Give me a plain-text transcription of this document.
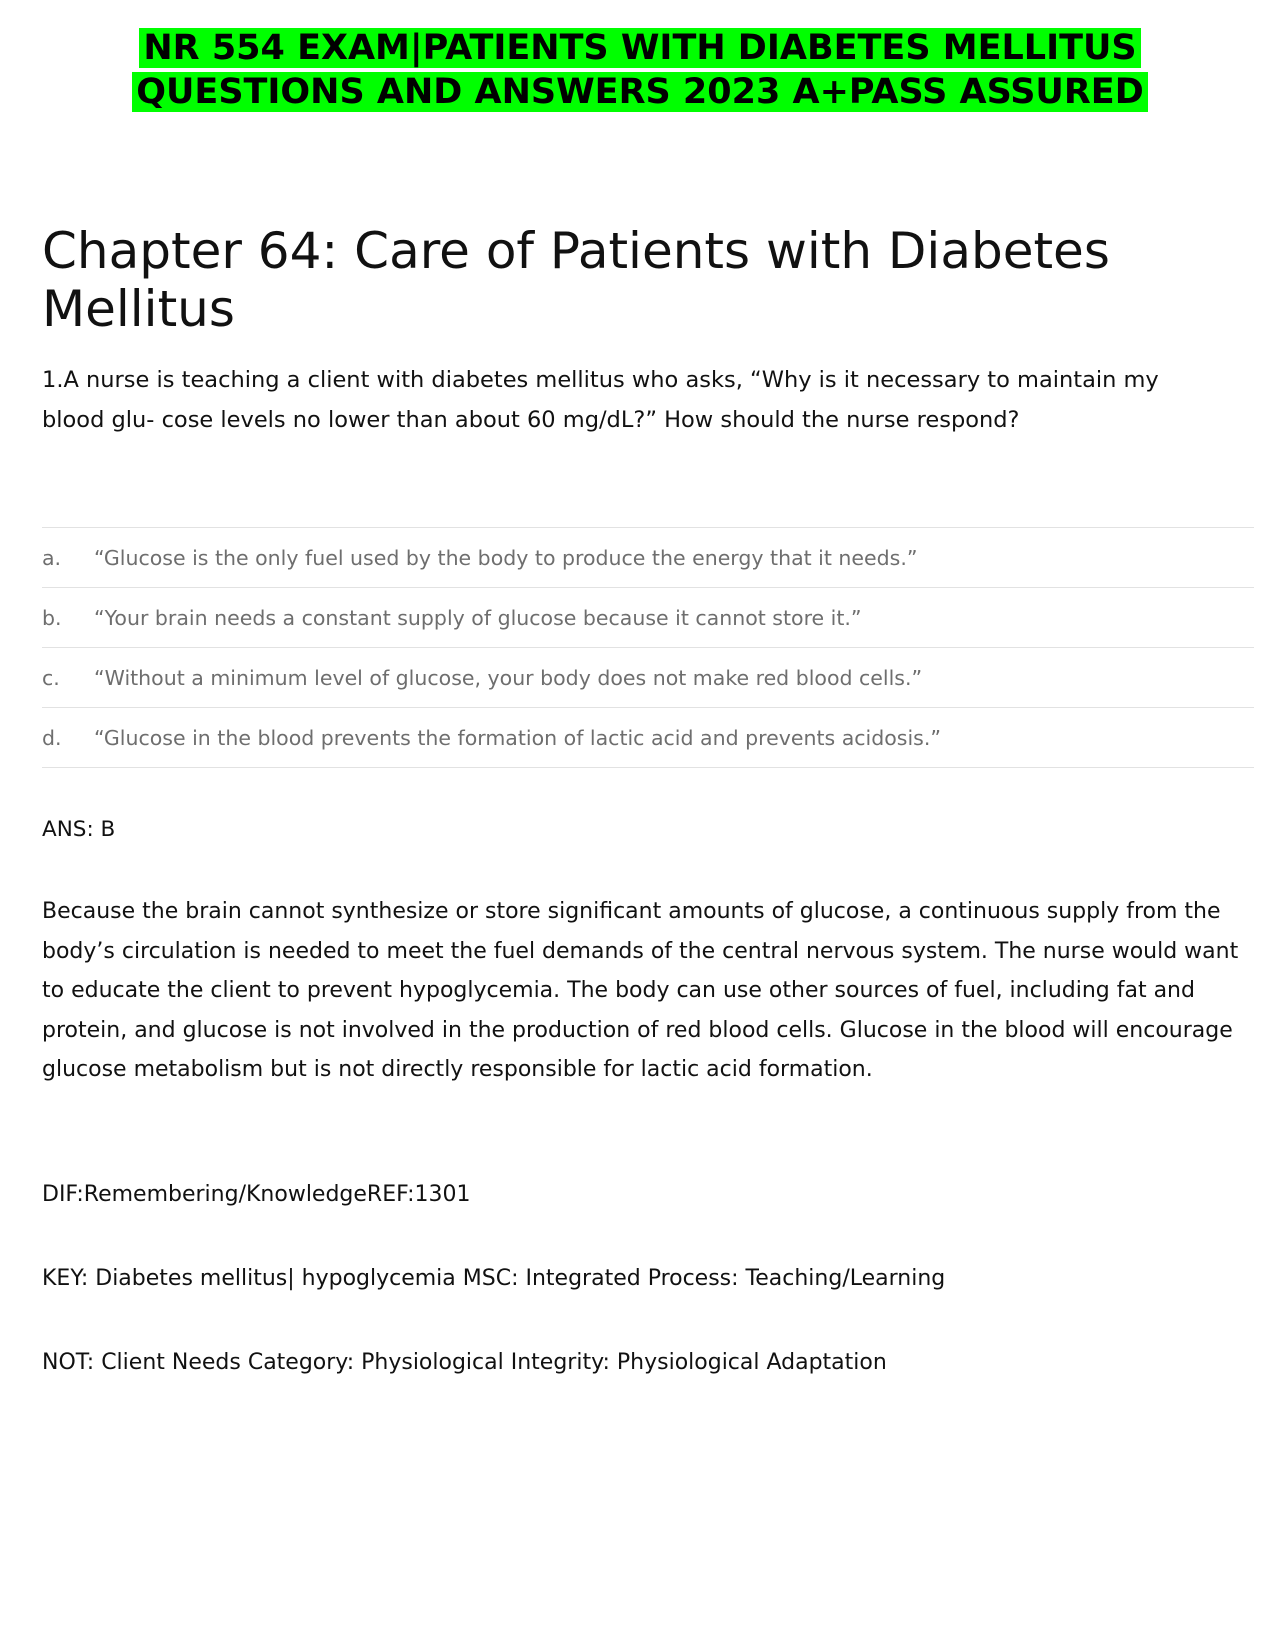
NR 554 EXAM|PATIENTS WITH DIABETES MELLITUS
QUESTIONS AND ANSWERS 2023 A+PASS ASSURED
Chapter 64: Care of Patients with Diabetes Mellitus

1.A nurse is teaching a client with diabetes mellitus who asks, “Why is it necessary to maintain my blood glu- cose levels no lower than about 60 mg/dL?” How should the nurse respond?

a.	“Glucose is the only fuel used by the body to produce the energy that it needs.”
b.	“Your brain needs a constant supply of glucose because it cannot store it.”
c.	“Without a minimum level of glucose, your body does not make red blood cells.”
d.	“Glucose in the blood prevents the formation of lactic acid and prevents acidosis.”
ANS: B

Because the brain cannot synthesize or store significant amounts of glucose, a continuous supply from the body’s circulation is needed to meet the fuel demands of the central nervous system. The nurse would want to educate the client to prevent hypoglycemia. The body can use other sources of fuel, including fat and protein, and glucose is not involved in the production of red blood cells. Glucose in the blood will encourage glucose metabolism but is not directly responsible for lactic acid formation.

DIF:Remembering/KnowledgeREF:1301
KEY: Diabetes mellitus| hypoglycemia MSC: Integrated Process: Teaching/Learning
NOT: Client Needs Category: Physiological Integrity: Physiological Adaptation
